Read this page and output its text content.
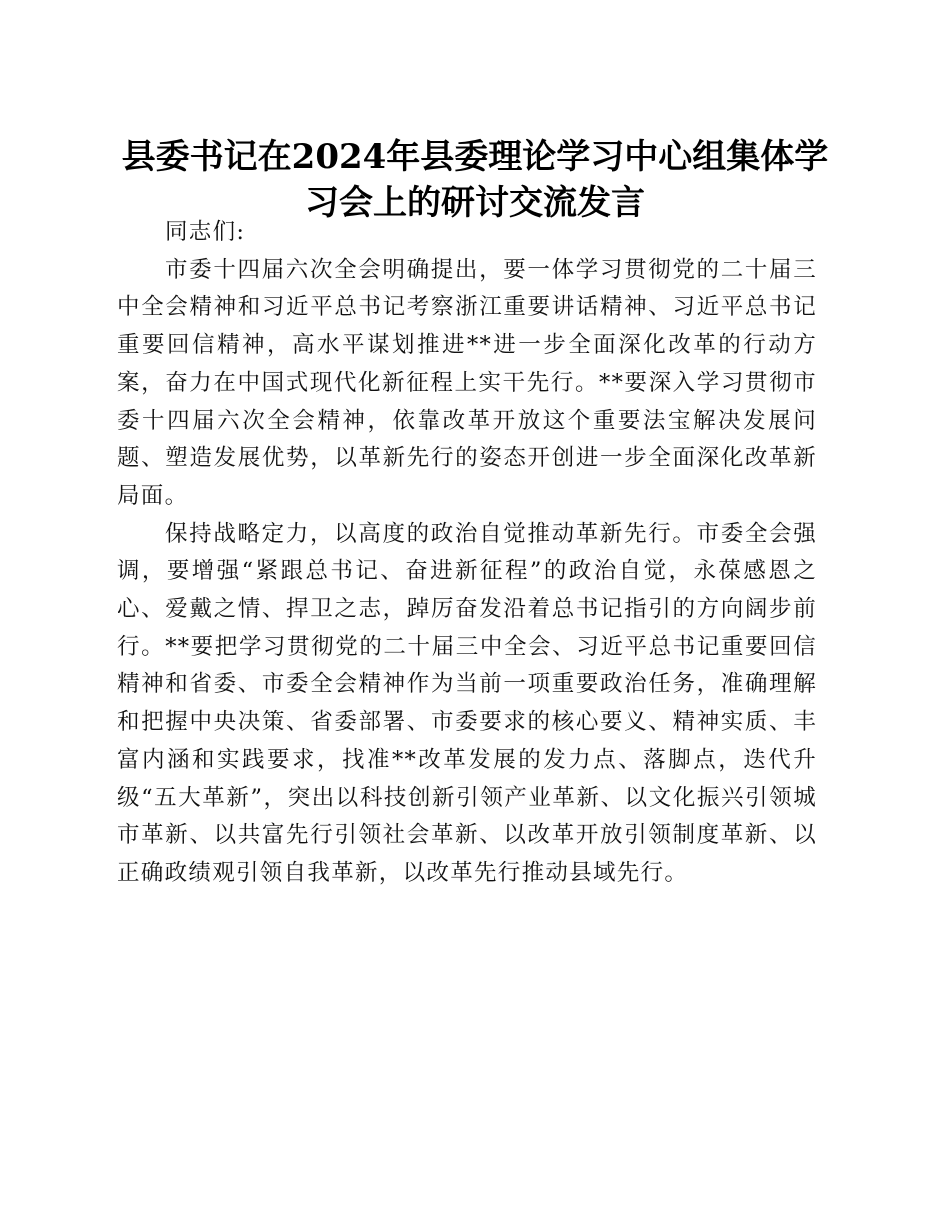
县委书记在2024年县委理论学习中心组集体学习会上的研讨交流发言

同志们:

市委十四届六次全会明确提出，要一体学习贯彻党的二十届三中全会精神和习近平总书记考察浙江重要讲话精神、习近平总书记重要回信精神，高水平谋划推进**进一步全面深化改革的行动方案，奋力在中国式现代化新征程上实干先行。**要深入学习贯彻市委十四届六次全会精神，依靠改革开放这个重要法宝解决发展问题、塑造发展优势，以革新先行的姿态开创进一步全面深化改革新局面。

保持战略定力，以高度的政治自觉推动革新先行。市委全会强调，要增强“紧跟总书记、奋进新征程”的政治自觉，永葆感恩之心、爱戴之情、捍卫之志，踔厉奋发沿着总书记指引的方向阔步前行。**要把学习贯彻党的二十届三中全会、习近平总书记重要回信精神和省委、市委全会精神作为当前一项重要政治任务，准确理解和把握中央决策、省委部署、市委要求的核心要义、精神实质、丰富内涵和实践要求，找准**改革发展的发力点、落脚点，迭代升级“五大革新”，突出以科技创新引领产业革新、以文化振兴引领城市革新、以共富先行引领社会革新、以改革开放引领制度革新、以正确政绩观引领自我革新，以改革先行推动县域先行。
